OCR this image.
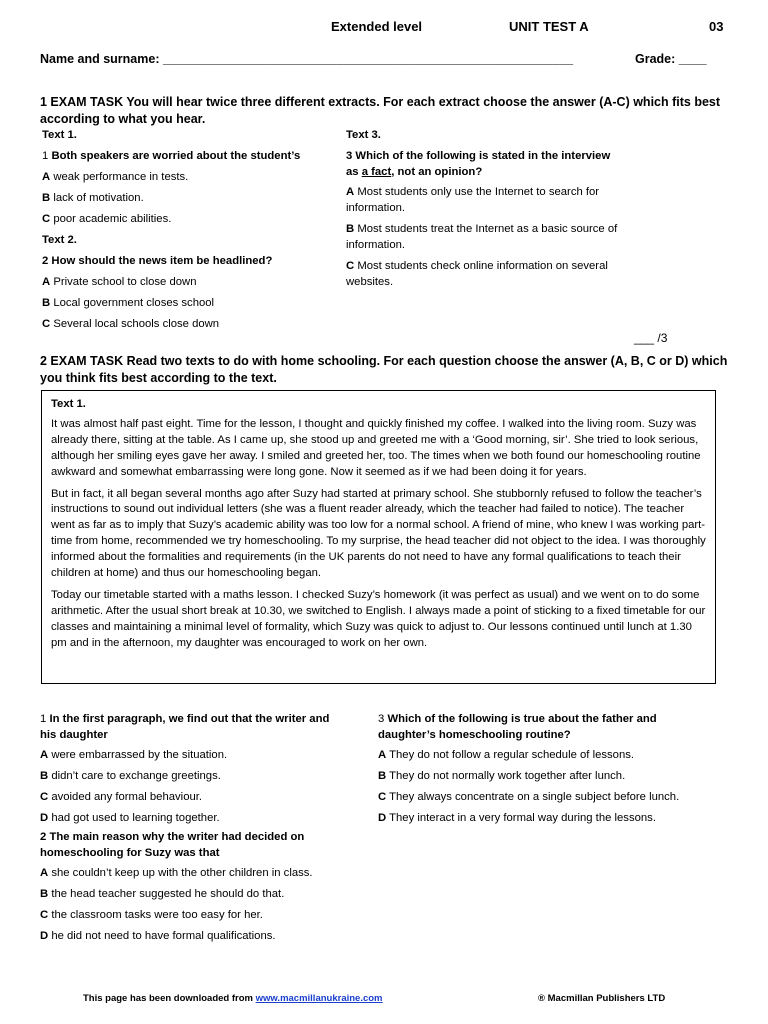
Extended level	UNIT TEST A	03
Name and surname: ___________________________________________________________	Grade: ____
1 EXAM TASK You will hear twice three different extracts. For each extract choose the answer (A-C) which fits best according to what you hear.
Text 1.
1 Both speakers are worried about the student’s
A weak performance in tests.
B lack of motivation.
C poor academic abilities.
Text 2.
2 How should the news item be headlined?
A Private school to close down
B Local government closes school
C Several local schools close down
Text 3.
3 Which of the following is stated in the interview
as a fact, not an opinion?
A Most students only use the Internet to search for information.
B Most students treat the Internet as a basic source of information.
C Most students check online information on several websites.
___ /3
2 EXAM TASK Read two texts to do with home schooling. For each question choose the answer (A, B, C or D) which you think fits best according to the text.

Text 1.

It was almost half past eight. Time for the lesson, I thought and quickly finished my coffee. I walked into the living room. Suzy was already there, sitting at the table. As I came up, she stood up and greeted me with a ‘Good morning, sir’. She tried to look serious, although her smiling eyes gave her away. I smiled and greeted her, too. The times when we both found our homeschooling routine awkward and somewhat embarrassing were long gone. Now it seemed as if we had been doing it for years.

But in fact, it all began several months ago after Suzy had started at primary school. She stubbornly refused to follow the teacher’s instructions to sound out individual letters (she was a fluent reader already, which the teacher had failed to notice). The teacher went as far as to imply that Suzy’s academic ability was too low for a normal school. A friend of mine, who knew I was working part-time from home, recommended we try homeschooling. To my surprise, the head teacher did not object to the idea. I was thoroughly informed about the formalities and requirements (in the UK parents do not need to have any formal qualifications to teach their children at home) and thus our homeschooling began.

Today our timetable started with a maths lesson. I checked Suzy’s homework (it was perfect as usual) and we went on to do some arithmetic. After the usual short break at 10.30, we switched to English. I always made a point of sticking to a fixed timetable for our classes and maintaining a minimal level of formality, which Suzy was quick to adjust to. Our lessons continued until lunch at 1.30 pm and in the afternoon, my daughter was encouraged to work on her own.

1 In the first paragraph, we find out that the writer and his daughter
A were embarrassed by the situation.
B didn’t care to exchange greetings.
C avoided any formal behaviour.
D had got used to learning together.
2 The main reason why the writer had decided on homeschooling for Suzy was that
A she couldn’t keep up with the other children in class.
B the head teacher suggested he should do that.
C the classroom tasks were too easy for her.
D he did not need to have formal qualifications.
3 Which of the following is true about the father and daughter’s homeschooling routine?
A They do not follow a regular schedule of lessons.
B They do not normally work together after lunch.
C They always concentrate on a single subject before lunch.
D They interact in a very formal way during the lessons.
This page has been downloaded from www.macmillanukraine.com	® Macmillan Publishers LTD
